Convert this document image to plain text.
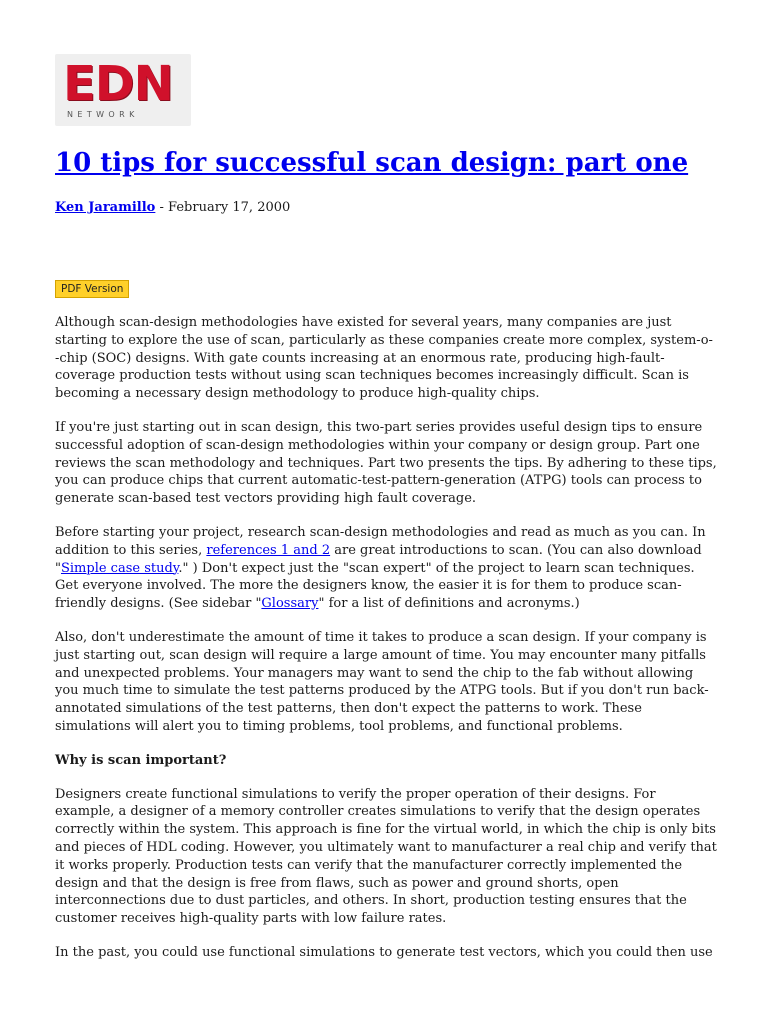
EDN
NETWORK
10 tips for successful scan design: part one
Ken Jaramillo - February 17, 2000
PDF Version

Although scan-design methodologies have existed for several years, many companies are just starting to explore the use of scan, particularly as these companies create more complex, system-o--chip (SOC) designs. With gate counts increasing at an enormous rate, producing high-fault-coverage production tests without using scan techniques becomes increasingly difficult. Scan is becoming a necessary design methodology to produce high-quality chips.

If you're just starting out in scan design, this two-part series provides useful design tips to ensure successful adoption of scan-design methodologies within your company or design group. Part one reviews the scan methodology and techniques. Part two presents the tips. By adhering to these tips, you can produce chips that current automatic-test-pattern-generation (ATPG) tools can process to generate scan-based test vectors providing high fault coverage.

Before starting your project, research scan-design methodologies and read as much as you can. In addition to this series, references 1 and 2 are great introductions to scan. (You can also download "Simple case study." ) Don't expect just the "scan expert" of the project to learn scan techniques. Get everyone involved. The more the designers know, the easier it is for them to produce scan-friendly designs. (See sidebar "Glossary" for a list of definitions and acronyms.)

Also, don't underestimate the amount of time it takes to produce a scan design. If your company is just starting out, scan design will require a large amount of time. You may encounter many pitfalls and unexpected problems. Your managers may want to send the chip to the fab without allowing you much time to simulate the test patterns produced by the ATPG tools. But if you don't run back-annotated simulations of the test patterns, then don't expect the patterns to work. These simulations will alert you to timing problems, tool problems, and functional problems.

Why is scan important?

Designers create functional simulations to verify the proper operation of their designs. For example, a designer of a memory controller creates simulations to verify that the design operates correctly within the system. This approach is fine for the virtual world, in which the chip is only bits and pieces of HDL coding. However, you ultimately want to manufacturer a real chip and verify that it works properly. Production tests can verify that the manufacturer correctly implemented the design and that the design is free from flaws, such as power and ground shorts, open interconnections due to dust particles, and others. In short, production testing ensures that the customer receives high-quality parts with low failure rates.

In the past, you could use functional simulations to generate test vectors, which you could then use
